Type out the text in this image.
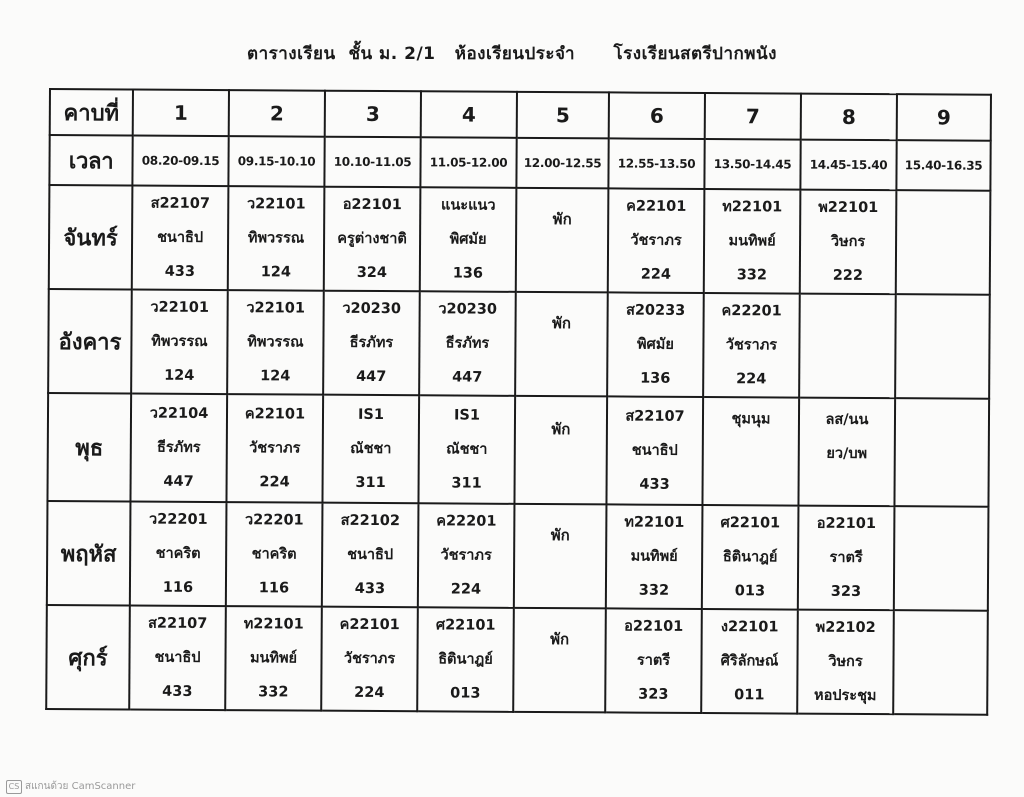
ตารางเรียน  ชั้น ม. 2/1   ห้องเรียนประจำ      โรงเรียนสตรีปากพนัง
คาบที่	1	2	3	4	5	6	7	8	9
เวลา	08.20-09.15	09.15-10.10	10.10-11.05	11.05-12.00	12.00-12.55	12.55-13.50	13.50-14.45	14.45-15.40	15.40-16.35
จันทร์	ส22107
ชนาธิป
433	ว22101
ทิพวรรณ
124	อ22101
ครูต่างชาติ
324	แนะแนว
พิศมัย
136	พัก	ค22101
วัชราภร
224	ท22101
มนทิพย์
332	พ22101
วิษกร
222	

อังคาร	ว22101
ทิพวรรณ
124	ว22101
ทิพวรรณ
124	ว20230
ธีรภัทร
447	ว20230
ธีรภัทร
447	พัก	ส20233
พิศมัย
136	ค22201
วัชราภร
224		

พุธ	ว22104
ธีรภัทร
447	ค22101
วัชราภร
224	IS1
ณัชชา
311	IS1
ณัชชา
311	พัก	ส22107
ชนาธิป
433	ชุมนุม	ลส/นน
ยว/บพ	

พฤหัส	ว22201
ชาคริต
116	ว22201
ชาคริต
116	ส22102
ชนาธิป
433	ค22201
วัชราภร
224	พัก	ท22101
มนทิพย์
332	ศ22101
ธิตินาฎย์
013	อ22101
ราตรี
323	

ศุกร์	ส22107
ชนาธิป
433	ท22101
มนทิพย์
332	ค22101
วัชราภร
224	ศ22101
ธิตินาฎย์
013	พัก	อ22101
ราตรี
323	ง22101
ศิริลักษณ์
011	พ22102
วิษกร
หอประชุม	

CS สแกนด้วย CamScanner
